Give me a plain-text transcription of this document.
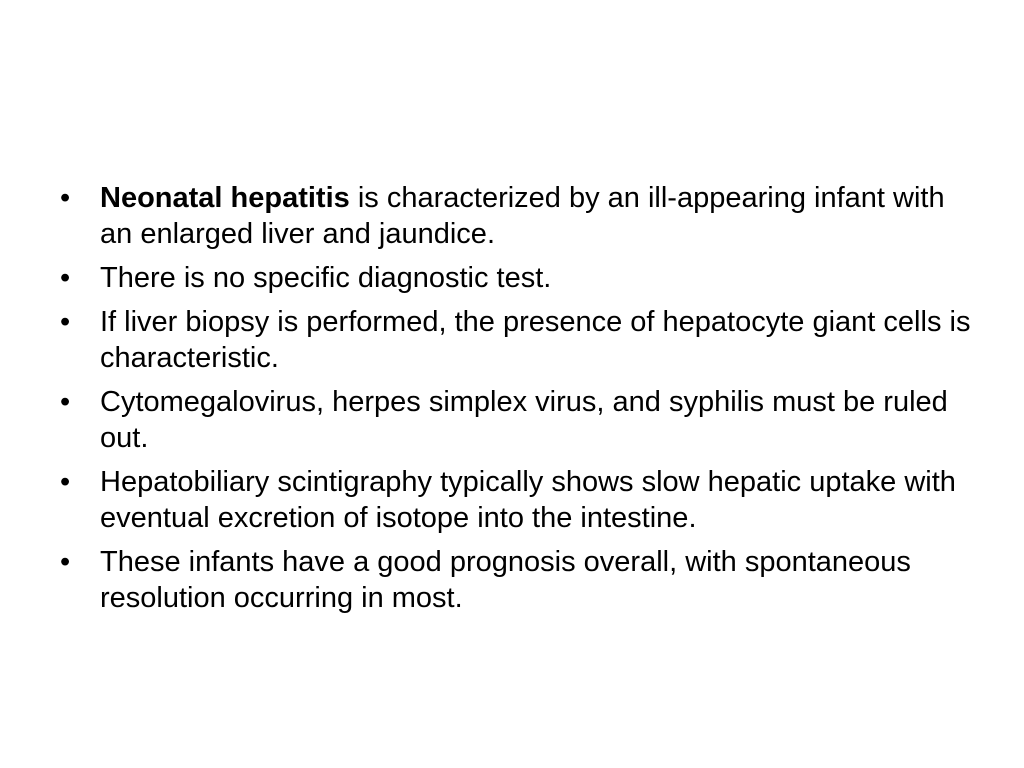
•	Neonatal hepatitis is characterized by an ill-appearing infant with an enlarged liver and jaundice.
•	There is no specific diagnostic test.
•	If liver biopsy is performed, the presence of hepatocyte giant cells is characteristic.
•	Cytomegalovirus, herpes simplex virus, and syphilis must be ruled out.
•	Hepatobiliary scintigraphy typically shows slow hepatic uptake with eventual excretion of isotope into the intestine.
•	These infants have a good prognosis overall, with spontaneous resolution occurring in most.
